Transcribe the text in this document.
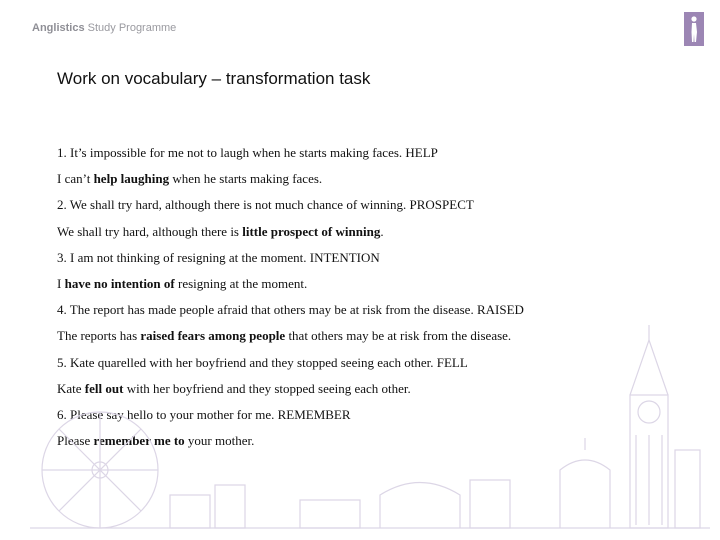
Anglistics Study Programme
Work on vocabulary – transformation task
1. It’s impossible for me not to laugh when he starts making faces. HELP
I can’t help laughing when he starts making faces.
2. We shall try hard, although there is not much chance of winning. PROSPECT
We shall try hard, although there is little prospect of winning.
3. I am not thinking of resigning at the moment. INTENTION
I have no intention of resigning at the moment.
4. The report has made people afraid that others may be at risk from the disease. RAISED
The reports has raised fears among people that others may be at risk from the disease.
5. Kate quarelled with her boyfriend and they stopped seeing each other. FELL
Kate fell out with her boyfriend and they stopped seeing each other.
6. Please say hello to your mother for me. REMEMBER
Please remember me to your mother.
